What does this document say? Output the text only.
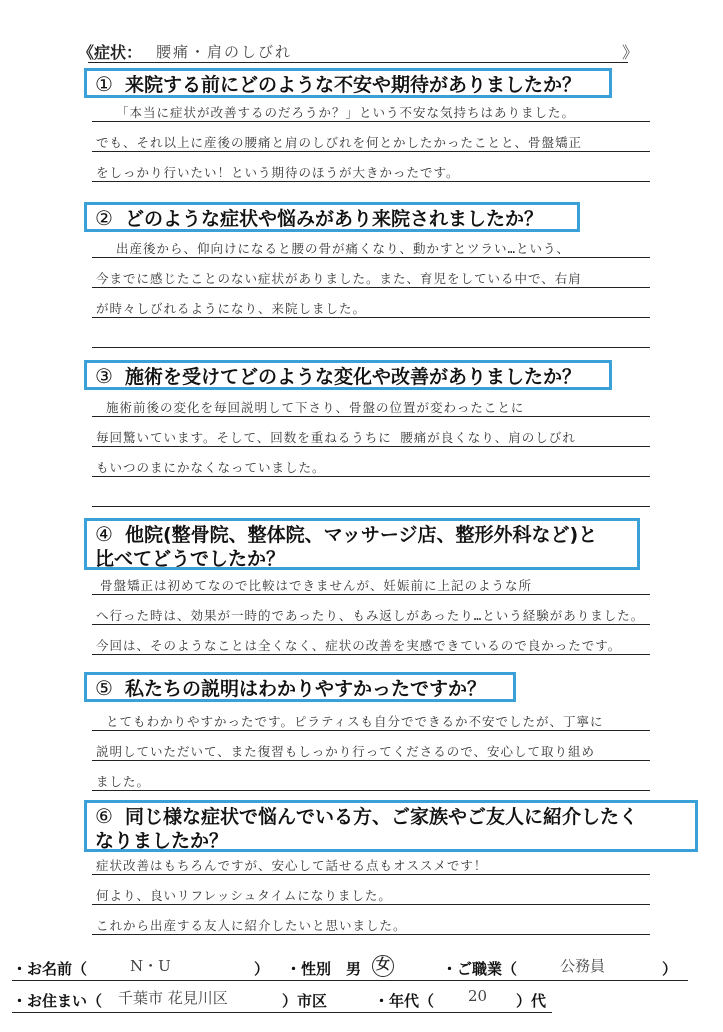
《症状： 腰痛・肩のしびれ	》
① 来院する前にどのような不安や期待がありましたか？
「本当に症状が改善するのだろうか？」という不安な気持ちはありました。
でも、それ以上に産後の腰痛と肩のしびれを何とかしたかったことと、骨盤矯正
をしっかり行いたい！という期待のほうが大きかったです。
② どのような症状や悩みがあり来院されましたか？
出産後から、仰向けになると腰の骨が痛くなり、動かすとツラい…という、
今までに感じたことのない症状がありました。また、育児をしている中で、右肩
が時々しびれるようになり、来院しました。
③ 施術を受けてどのような変化や改善がありましたか？
施術前後の変化を毎回説明して下さり、骨盤の位置が変わったことに
毎回驚いています。そして、回数を重ねるうちに 腰痛が良くなり、肩のしびれ
もいつのまにかなくなっていました。
④ 他院(整骨院、整体院、マッサージ店、整形外科など)と
比べてどうでしたか？
骨盤矯正は初めてなので比較はできませんが、妊娠前に上記のような所
へ行った時は、効果が一時的であったり、もみ返しがあったり…という経験がありました。
今回は、そのようなことは全くなく、症状の改善を実感できているので良かったです。
⑤ 私たちの説明はわかりやすかったですか？
とてもわかりやすかったです。ピラティスも自分でできるか不安でしたが、丁寧に
説明していただいて、また復習もしっかり行ってくださるので、安心して取り組め
ました。
⑥ 同じ様な症状で悩んでいる方、ご家族やご友人に紹介したく
なりましたか？
症状改善はもちろんですが、安心して話せる点もオススメです！
何より、良いリフレッシュタイムになりました。
これから出産する友人に紹介したいと思いました。
・お名前（	N・U	） ・性別 男 女	・ご職業（	公務員	）
・お住まい（ 千葉市 花見川区	）市区	・年代（ 20 ）代
